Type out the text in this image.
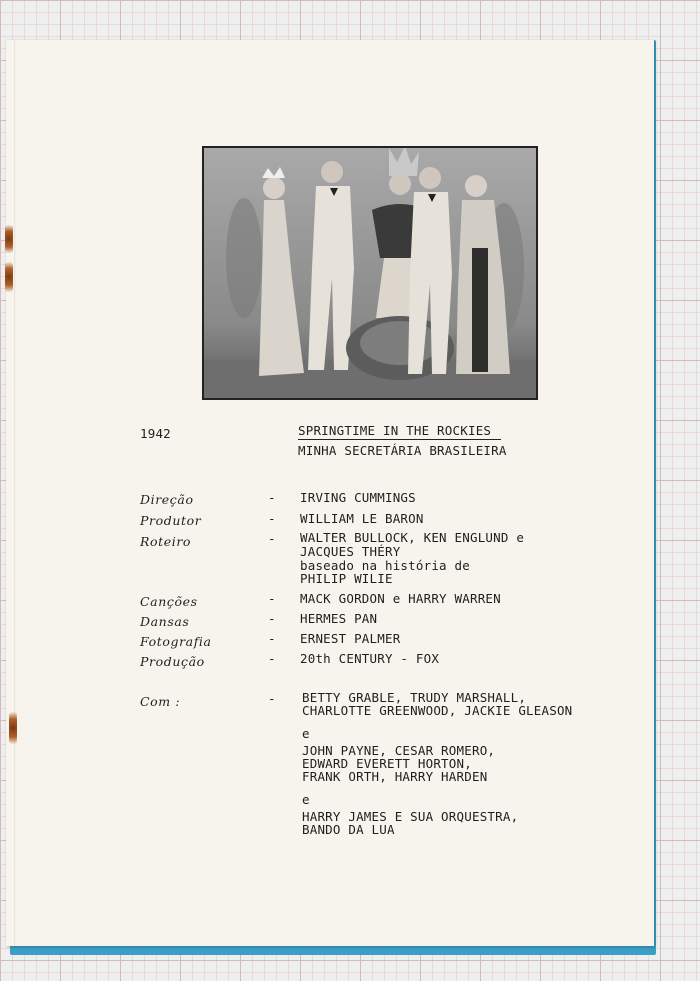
1942	SPRINGTIME IN THE ROCKIES
MINHA SECRETÁRIA BRASILEIRA
Direção	- IRVING CUMMINGS
Produtor	- WILLIAM LE BARON
Roteiro	- WALTER BULLOCK, KEN ENGLUND e
JACQUES THÉRY
baseado na história de
PHILIP WILIE
Canções	- MACK GORDON e HARRY WARREN
Dansas	- HERMES PAN
Fotografia	- ERNEST PALMER
Produção	- 20th CENTURY - FOX
Com :	- BETTY GRABLE, TRUDY MARSHALL,
CHARLOTTE GREENWOOD, JACKIE GLEASON
e
JOHN PAYNE, CESAR ROMERO,
EDWARD EVERETT HORTON,
FRANK ORTH, HARRY HARDEN
e
HARRY JAMES E SUA ORQUESTRA,
BANDO DA LUA
